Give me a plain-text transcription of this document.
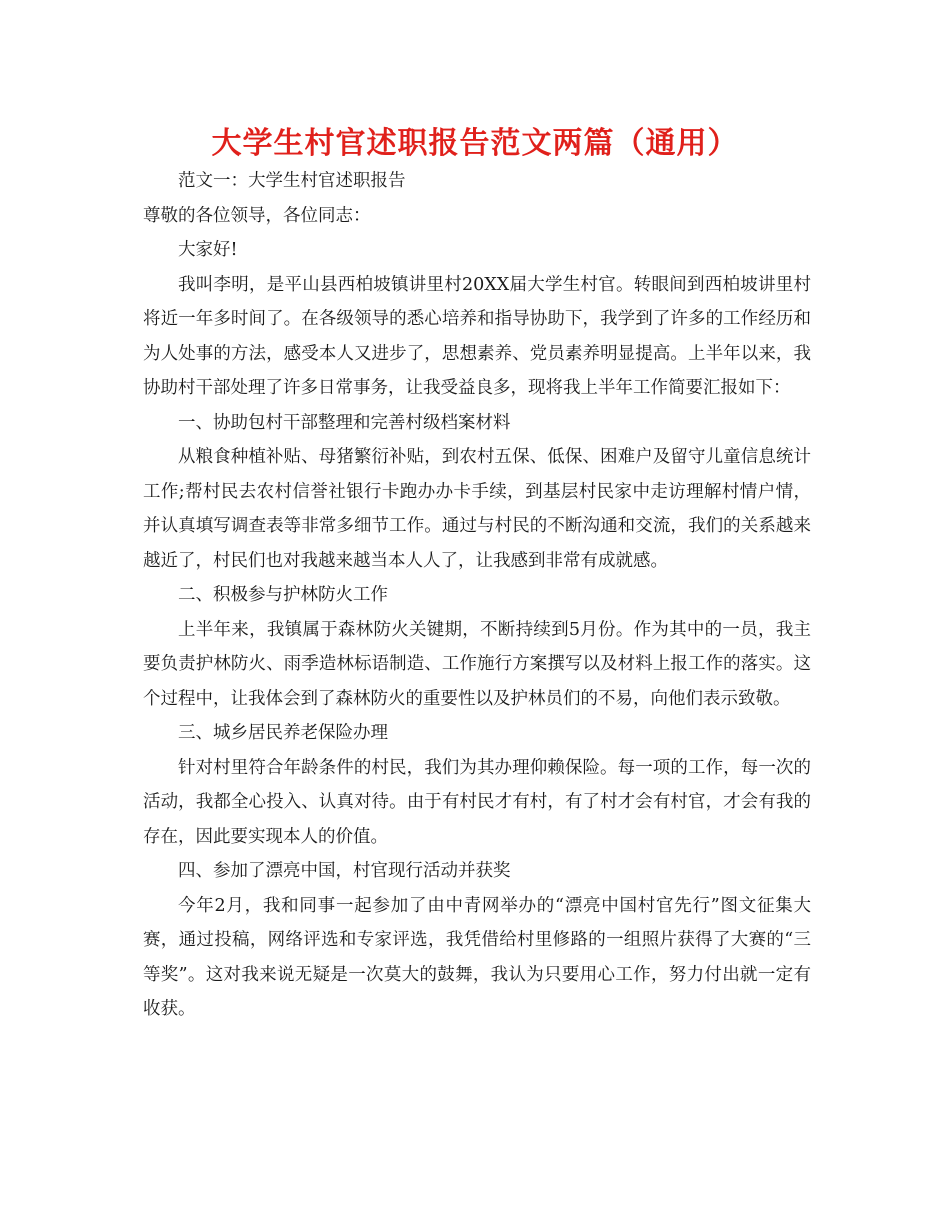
大学生村官述职报告范文两篇（通用）

范文一：大学生村官述职报告

尊敬的各位领导，各位同志：

大家好!

我叫李明，是平山县西柏坡镇讲里村20XX届大学生村官。转眼间到西柏坡讲里村将近一年多时间了。在各级领导的悉心培养和指导协助下，我学到了许多的工作经历和为人处事的方法，感受本人又进步了，思想素养、党员素养明显提高。上半年以来，我协助村干部处理了许多日常事务，让我受益良多，现将我上半年工作简要汇报如下：

一、协助包村干部整理和完善村级档案材料

从粮食种植补贴、母猪繁衍补贴，到农村五保、低保、困难户及留守儿童信息统计工作;帮村民去农村信誉社银行卡跑办办卡手续，到基层村民家中走访理解村情户情，并认真填写调查表等非常多细节工作。通过与村民的不断沟通和交流，我们的关系越来越近了，村民们也对我越来越当本人人了，让我感到非常有成就感。

二、积极参与护林防火工作

上半年来，我镇属于森林防火关键期，不断持续到5月份。作为其中的一员，我主要负责护林防火、雨季造林标语制造、工作施行方案撰写以及材料上报工作的落实。这个过程中，让我体会到了森林防火的重要性以及护林员们的不易，向他们表示致敬。

三、城乡居民养老保险办理

针对村里符合年龄条件的村民，我们为其办理仰赖保险。每一项的工作，每一次的活动，我都全心投入、认真对待。由于有村民才有村，有了村才会有村官，才会有我的存在，因此要实现本人的价值。

四、参加了漂亮中国，村官现行活动并获奖

今年2月，我和同事一起参加了由中青网举办的“漂亮中国村官先行”图文征集大赛，通过投稿，网络评选和专家评选，我凭借给村里修路的一组照片获得了大赛的“三等奖”。这对我来说无疑是一次莫大的鼓舞，我认为只要用心工作，努力付出就一定有收获。
